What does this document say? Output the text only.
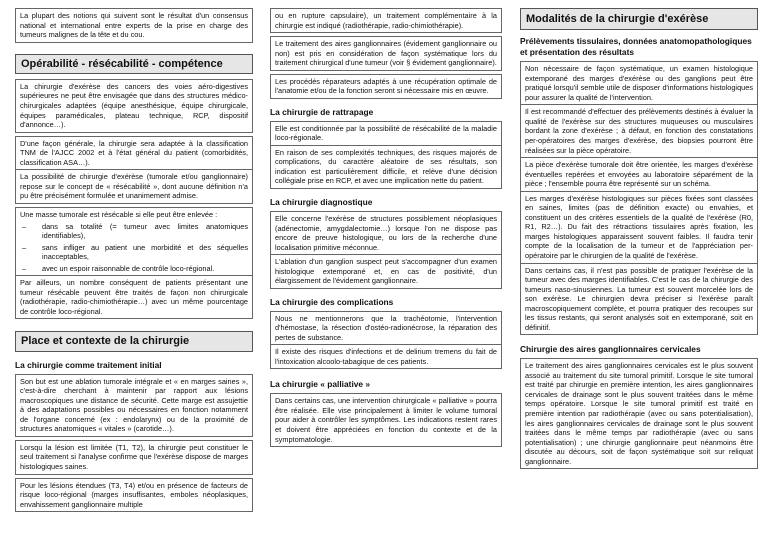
La plupart des notions qui suivent sont le résultat d'un consensus national et international entre experts de la prise en charge des tumeurs malignes de la tête et du cou.

Opérabilité - résécabilité - compétence

La chirurgie d'exérèse des cancers des voies aéro-digestives supérieures ne peut être envisagée que dans des structures médico-chirurgicales adaptées (équipe anesthésique, équipe chirurgicale, équipes paramédicales, plateau technique, RCP, dispositif d'annonce…).

D'une façon générale, la chirurgie sera adaptée à la classification TNM de l'AJCC 2002 et à l'état général du patient (comorbidités, classification ASA…).

La possibilité de chirurgie d'exérèse (tumorale et/ou ganglionnaire) repose sur le concept de « résécabilité », dont aucune définition n'a pu être précisément formulée et unanimement admise.

Une masse tumorale est résécable si elle peut être enlevée :

– dans sa totalité (= tumeur avec limites anatomiques identifiables),
– sans infliger au patient une morbidité et des séquelles inacceptables,
– avec un espoir raisonnable de contrôle loco-régional.

Par ailleurs, un nombre conséquent de patients présentant une tumeur résécable peuvent être traités de façon non chirurgicale (radiothérapie, radio-chimiothérapie…) avec un même pourcentage de contrôle loco-régional.

Place et contexte de la chirurgie
La chirurgie comme traitement initial

Son but est une ablation tumorale intégrale et « en marges saines », c'est-à-dire cherchant à maintenir par rapport aux lésions macroscopiques une distance de sécurité. Cette marge est assujettie à des adaptations possibles ou nécessaires en fonction notamment de l'organe concerné (ex : endolarynx) ou de la proximité de structures anatomiques « vitales » (carotide…).

Lorsqu la lésion est limitée (T1, T2), la chirurgie peut constituer le seul traitement si l'analyse confirme que l'exérèse dispose de marges histologiques saines.

Pour les lésions étendues (T3, T4) et/ou en présence de facteurs de risque loco-régional (marges insuffisantes, emboles néoplasiques, envahissement ganglionnaire multiple

ou en rupture capsulaire), un traitement complémentaire à la chirurgie est indiqué (radiothérapie, radio-chimiothérapie).

Le traitement des aires ganglionnaires (évidement ganglionnaire ou non) est pris en considération de façon systématique lors du traitement chirurgical d'une tumeur (voir § évidement ganglionnaire).

Les procédés réparateurs adaptés à une récupération optimale de l'anatomie et/ou de la fonction seront si nécessaire mis en œuvre.

La chirurgie de rattrapage

Elle est conditionnée par la possibilité de résécabilité de la maladie loco-régionale.

En raison de ses complexités techniques, des risques majorés de complications, du caractère aléatoire de ses résultats, son indication est particulièrement difficile, et relève d'une décision collégiale prise en RCP, et avec une implication nette du patient.

La chirurgie diagnostique

Elle concerne l'exérèse de structures possiblement néoplasiques (adénectomie, amygdalectomie…) lorsque l'on ne dispose pas encore de preuve histologique, ou lors de la recherche d'une localisation primitive méconnue.

L'ablation d'un ganglion suspect peut s'accompagner d'un examen histologique extemporané et, en cas de positivité, d'un élargissement de l'évidement ganglionnaire.

La chirurgie des complications

Nous ne mentionnerons que la trachéotomie, l'intervention d'hémostase, la résection d'ostéo-radionécrose, la réparation des pertes de substance.

Il existe des risques d'infections et de delirium tremens du fait de l'intoxication alcoolo-tabagique de ces patients.

La chirurgie « palliative »

Dans certains cas, une intervention chirurgicale « palliative » pourra être réalisée. Elle vise principalement à limiter le volume tumoral pour aider à contrôler les symptômes. Les indications restent rares et doivent être appréciées en fonction du contexte et de la symptomatologie.

Modalités de la chirurgie d'exérèse
Prélèvements tissulaires, données anatomopathologiques et présentation des résultats

Non nécessaire de façon systématique, un examen histologique extemporané des marges d'exérèse ou des ganglions peut être pratiqué lorsqu'il semble utile de disposer d'informations histologiques pour assurer la qualité de l'intervention.

Il est recommandé d'effectuer des prélèvements destinés à évaluer la qualité de l'exérèse sur des structures muqueuses ou musculaires bordant la zone d'exérèse ; à défaut, en fonction des constatations per-opératoires des marges d'exérèse, des biopsies pourront être réalisées sur la pièce opératoire.

La pièce d'exérèse tumorale doit être orientée, les marges d'exérèse éventuelles repérées et envoyées au laboratoire séparément de la pièce ; l'ensemble pourra être représenté sur un schéma.

Les marges d'exérèse histologiques sur pièces fixées sont classées en saines, limites (pas de définition exacte) ou envahies, et constituent un des critères essentiels de la qualité de l'exérèse (R0, R1, R2…). Du fait des rétractions tissulaires après fixation, les marges histologiques apparaissent souvent faibles. Il faudra tenir compte de la localisation de la tumeur et de l'appréciation per-opératoire par le chirurgien de la qualité de l'exérèse.

Dans certains cas, il n'est pas possible de pratiquer l'exérèse de la tumeur avec des marges identifiables. C'est le cas de la chirurgie des tumeurs naso-sinusiennes. La tumeur est souvent morcelée lors de son exérèse. Le chirurgien devra préciser si l'exérèse paraît macroscopiquement complète, et pourra pratiquer des recoupes sur les tissus restants, qui seront analysés soit en extemporané, soit en définitif.

Chirurgie des aires ganglionnaires cervicales

Le traitement des aires ganglionnaires cervicales est le plus souvent associé au traitement du site tumoral primitif. Lorsque le site tumoral est traité par chirurgie en première intention, les aires ganglionnaires cervicales de drainage sont le plus souvent traitées dans le même temps opératoire. Lorsque le site tumoral primitif est traité en première intention par radiothérapie (avec ou sans potentialisation), les aires ganglionnaires cervicales de drainage sont le plus souvent traitées dans le même temps par radiothérapie (avec ou sans potentialisation) ; une chirurgie ganglionnaire peut néanmoins être discutée au décours, soit de façon systématique soit sur reliquat ganglionnaire.
